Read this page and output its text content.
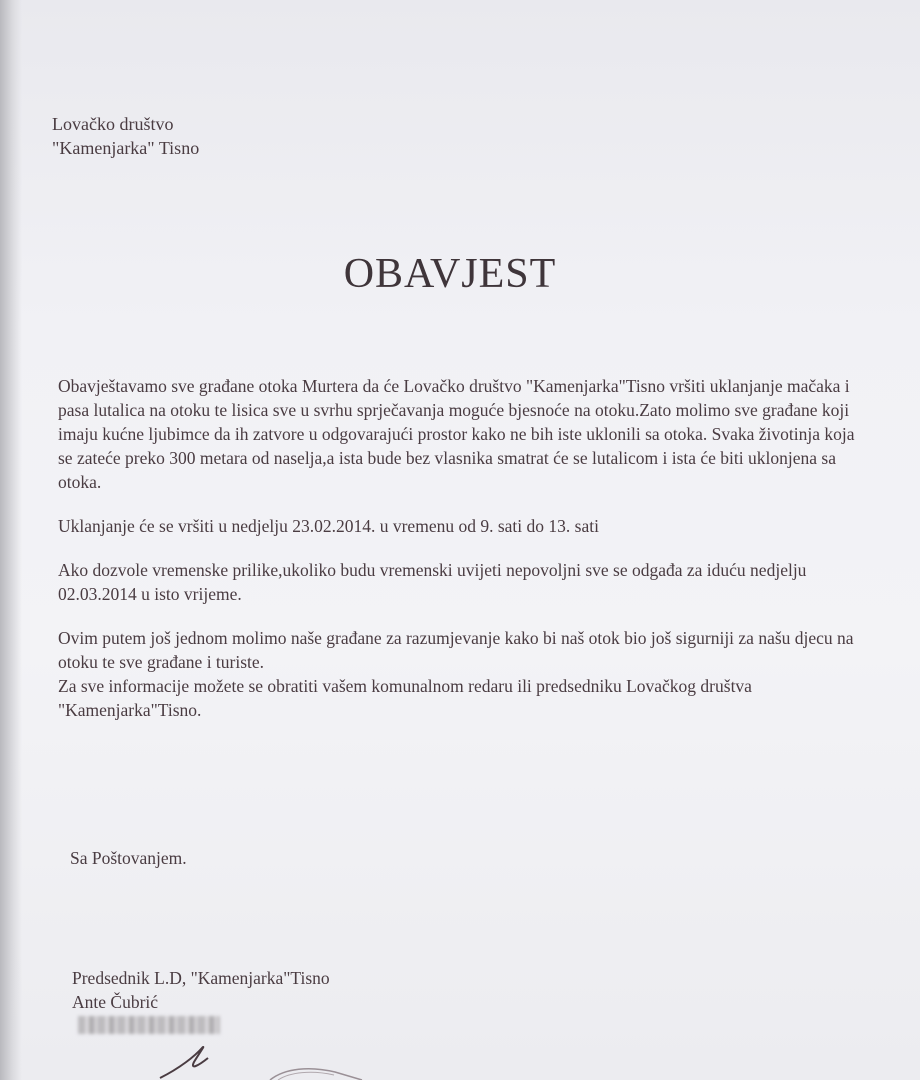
Lovačko društvo
"Kamenjarka" Tisno
OBAVJEST

Obavještavamo sve građane otoka Murtera da će Lovačko društvo "Kamenjarka"Tisno vršiti uklanjanje mačaka i pasa lutalica na otoku te lisica sve u svrhu sprječavanja moguće bjesnoće na otoku.Zato molimo sve građane koji imaju kućne ljubimce da ih zatvore u odgovarajući prostor kako ne bih iste uklonili sa otoka. Svaka životinja koja se zateće preko 300 metara od naselja,a ista bude bez vlasnika smatrat će se lutalicom i ista će biti uklonjena sa otoka.

Uklanjanje će se vršiti u nedjelju 23.02.2014. u vremenu od 9. sati do 13. sati

Ako dozvole vremenske prilike,ukoliko budu vremenski uvijeti nepovoljni sve se odgađa za iduću nedjelju 02.03.2014 u isto vrijeme.

Ovim putem još jednom molimo naše građane za razumjevanje kako bi naš otok bio još sigurniji za našu djecu na otoku te sve građane i turiste.

Za sve informacije možete se obratiti vašem komunalnom redaru ili predsedniku Lovačkog društva "Kamenjarka"Tisno.

Sa Poštovanjem.
Predsednik L.D, "Kamenjarka"Tisno
Ante Čubrić
